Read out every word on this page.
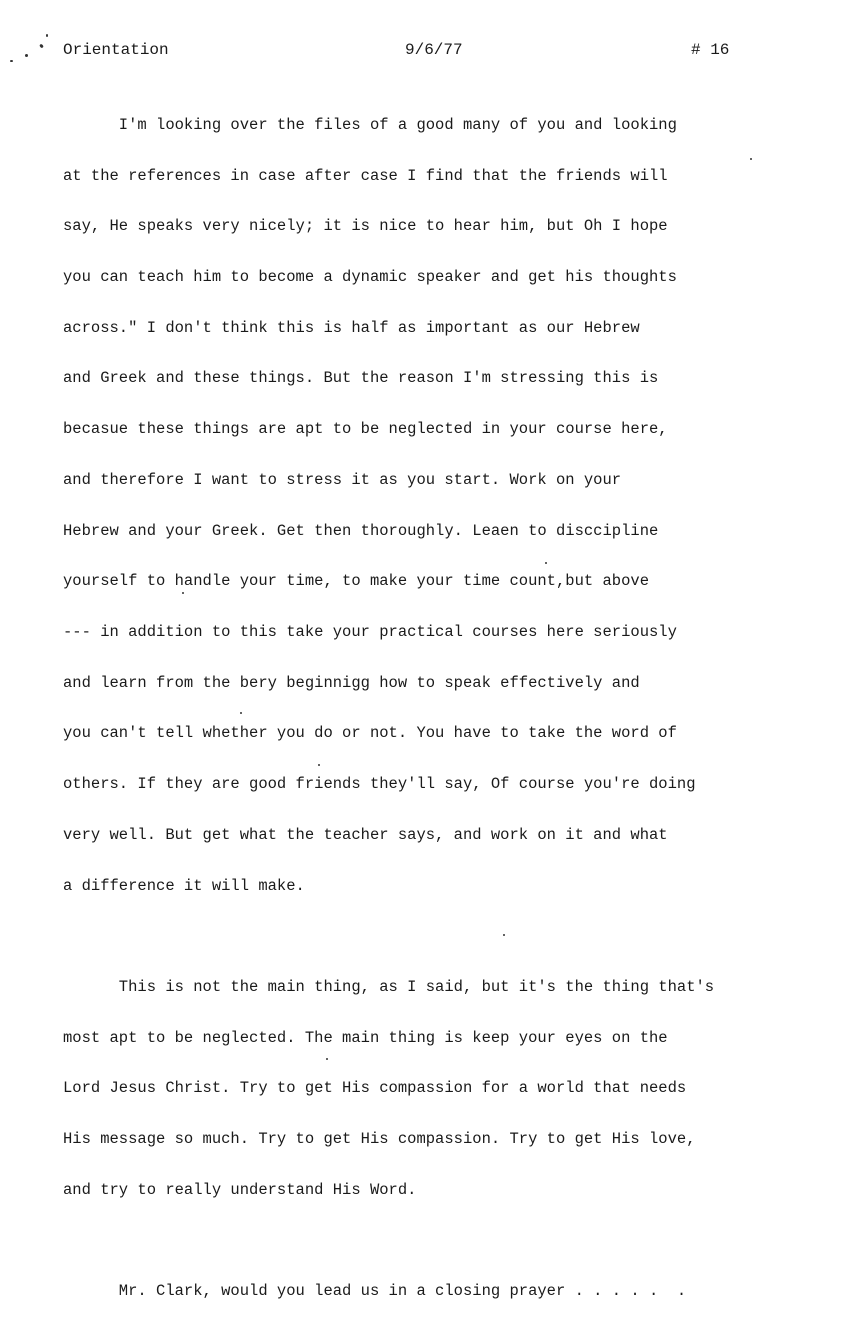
Orientation	9/6/77	# 16

I'm looking over the files of a good many of you and looking

at the references in case after case I find that the friends will

say, He speaks very nicely; it is nice to hear him, but Oh I hope

you can teach him to become a dynamic speaker and get his thoughts

across." I don't think this is half as important as our Hebrew

and Greek and these things. But the reason I'm stressing this is

becasue these things are apt to be neglected in your course here,

and therefore I want to stress it as you start. Work on your

Hebrew and your Greek. Get then thoroughly. Leaen to disccipline

yourself to handle your time, to make your time count,but above

--- in addition to this take your practical courses here seriously

and learn from the bery beginnigg how to speak effectively and

you can't tell whether you do or not. You have to take the word of

others. If they are good friends they'll say, Of course you're doing

very well. But get what the teacher says, and work on it and what

a difference it will make.

This is not the main thing, as I said, but it's the thing that's

most apt to be neglected. The main thing is keep your eyes on the

Lord Jesus Christ. Try to get His compassion for a world that needs

His message so much. Try to get His compassion. Try to get His love,

and try to really understand His Word.

Mr. Clark, would you lead us in a closing prayer . . . . .  .
